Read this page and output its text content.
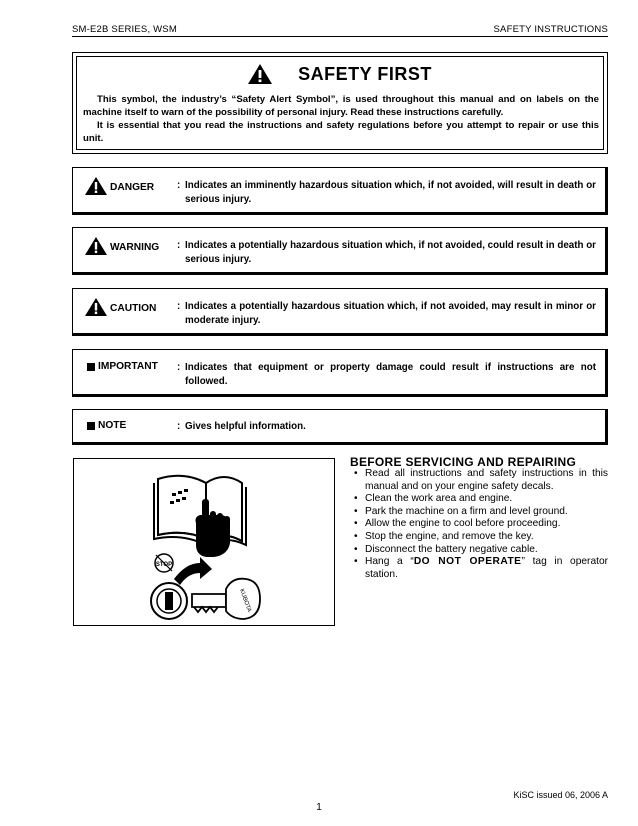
SM-E2B SERIES, WSM	SAFETY INSTRUCTIONS
SAFETY FIRST

This symbol, the industry’s “Safety Alert Symbol”, is used throughout this manual and on labels on the machine itself to warn of the possibility of personal injury. Read these instructions carefully.

It is essential that you read the instructions and safety regulations before you attempt to repair or use this unit.

DANGER : Indicates an imminently hazardous situation which, if not avoided, will result in death or serious injury.
WARNING : Indicates a potentially hazardous situation which, if not avoided, could result in death or serious injury.
CAUTION : Indicates a potentially hazardous situation which, if not avoided, may result in minor or moderate injury.
IMPORTANT : Indicates that equipment or property damage could result if instructions are not followed.
NOTE	: Gives helpful information.
STOP
KUBOTA
BEFORE SERVICING AND REPAIRING
• Read all instructions and safety instructions in this manual and on your engine safety decals.
• Clean the work area and engine.
• Park the machine on a firm and level ground.
• Allow the engine to cool before proceeding.
• Stop the engine, and remove the key.
• Disconnect the battery negative cable.
• Hang a “DO NOT OPERATE” tag in operator station.
KiSC issued 06, 2006 A
1
